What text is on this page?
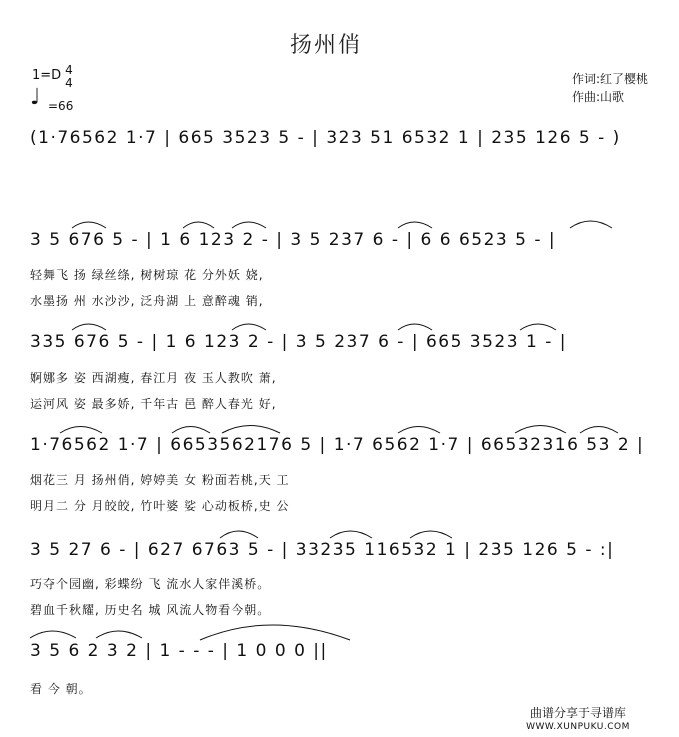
扬州俏
作词:红了樱桃
作曲:山歌
1=D 4
4
♩ =66
(1·76562 1·7 | 665 3523 5 - | 323 51 6532 1 | 235 126 5 - )
3 5 676 5 - | 1 6 123 2 - | 3 5 237 6 - | 6 6 6523 5 - |
335 676 5 - | 1 6 123 2 - | 3 5 237 6 - | 665 3523 1 - |
1·76562 1·7 | 6653562176 5 | 1·7 6562 1·7 | 66532316 53 2 |
3 5 27 6 - | 627 6763 5 - | 33235 116532 1 | 235 126 5 - :|
3 5 6 2 3 2 | 1 - - - | 1 0 0 0 ||
轻舞飞 扬 绿丝绦, 树树琼 花 分外妖 娆,
水墨扬 州 水沙沙, 泛舟湖 上 意醉魂 销,
婀娜多 姿 西湖瘦, 春江月 夜 玉人教吹 萧,
运河风 姿 最多娇, 千年古 邑 醉人春光 好,
烟花三 月 扬州俏, 婷婷美 女 粉面若桃,天 工
明月二 分 月皎皎, 竹叶婆 娑 心动板桥,史 公
巧夺个园幽, 彩蝶纷 飞 流水人家伴溪桥。
碧血千秋耀, 历史名 城 风流人物看今朝。
看 今 朝。
曲谱分享于寻谱库
WWW.XUNPUKU.COM
